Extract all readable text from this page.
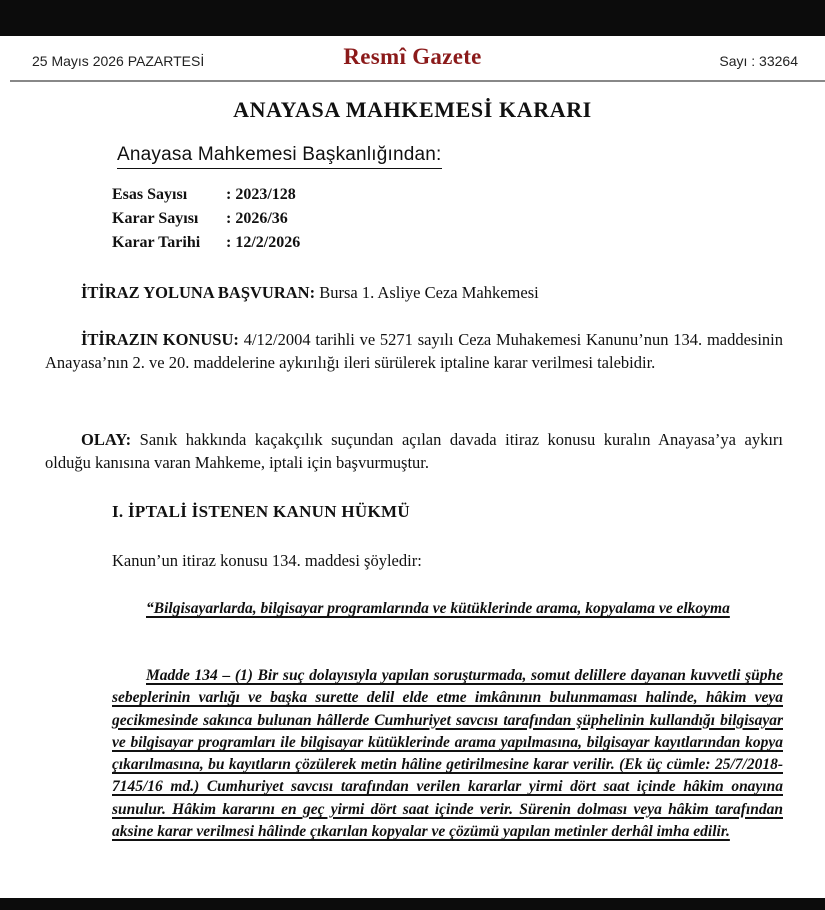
25 Mayıs 2026 PAZARTESİ	Resmî Gazete	Sayı : 33264
ANAYASA MAHKEMESİ KARARI
Anayasa Mahkemesi Başkanlığından:
Esas Sayısı : 2023/128
Karar Sayısı : 2026/36
Karar Tarihi : 12/2/2026
İTİRAZ YOLUNA BAŞVURAN: Bursa 1. Asliye Ceza Mahkemesi
İTİRAZIN KONUSU: 4/12/2004 tarihli ve 5271 sayılı Ceza Muhakemesi Kanunu’nun 134. maddesinin Anayasa’nın 2. ve 20. maddelerine aykırılığı ileri sürülerek iptaline karar verilmesi talebidir.
OLAY: Sanık hakkında kaçakçılık suçundan açılan davada itiraz konusu kuralın Anayasa’ya aykırı olduğu kanısına varan Mahkeme, iptali için başvurmuştur.
I. İPTALİ İSTENEN KANUN HÜKMÜ
Kanun’un itiraz konusu 134. maddesi şöyledir:
“Bilgisayarlarda, bilgisayar programlarında ve kütüklerinde arama, kopyalama ve elkoyma
Madde 134 – (1) Bir suç dolayısıyla yapılan soruşturmada, somut delillere dayanan kuvvetli şüphe sebeplerinin varlığı ve başka surette delil elde etme imkânının bulunmaması halinde, hâkim veya gecikmesinde sakınca bulunan hâllerde Cumhuriyet savcısı tarafından şüphelinin kullandığı bilgisayar ve bilgisayar programları ile bilgisayar kütüklerinde arama yapılmasına, bilgisayar kayıtlarından kopya çıkarılmasına, bu kayıtların çözülerek metin hâline getirilmesine karar verilir. (Ek üç cümle: 25/7/2018-7145/16 md.) Cumhuriyet savcısı tarafından verilen kararlar yirmi dört saat içinde hâkim onayına sunulur. Hâkim kararını en geç yirmi dört saat içinde verir. Sürenin dolması veya hâkim tarafından aksine karar verilmesi hâlinde çıkarılan kopyalar ve çözümü yapılan metinler derhâl imha edilir.
